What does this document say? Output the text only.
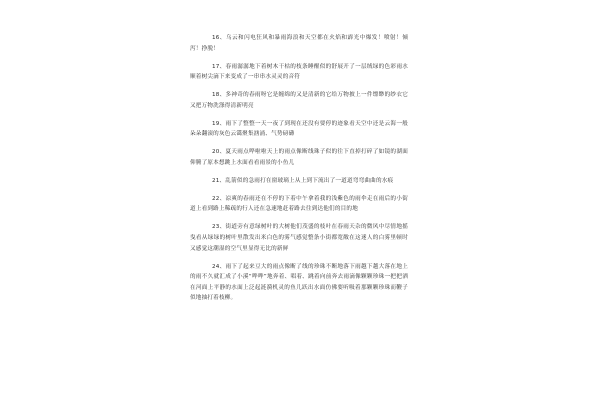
16、乌云和闪电狂风和暴雨海浪和天空都在火焰和霹光中爆发！喷射！倾泻！挣脱！

17、春雨潺潺地下着树木干枯的枝条睡醒似的舒展开了一层绒绿的色彩雨水顺着树尖滴下来变成了一串串水灵灵的音符

18、多神奇的春雨呀它是缠绵的又是清新的它给万物披上一件缥缈的纱衣它又把万物洗涤得清新明亮

19、雨下了整整一天一夜了到现在还没有要停的迹象看天空中还是云海一般朵朵翻滚的灰色云霭聚集汹涌、气势磅礴

20、夏天雨点哗啦啦天上的雨点像断线珠子似的往下直掉打碎了如镜的湖面仰腾了原本想跳上水面看看雨景的小鱼儿

21、乱箭似的急雨打在窗玻璃上从上到下流出了一道道弯弯曲曲的水痕

22、凉爽的春雨还在不停的下着中午拿着我的浅紫色的雨伞走在雨后的小街道上看到路上稀疏的行人还在急速地赶着路去往到达他们的目的地

23、街道旁有意绿树叶的大树他们茂盛的枝叶在春雨天杂的微风中尽情地摇曳看从绿绿的树叶里散发出米白色的雾气感觉整条小街都宽敞在这迷人的白雾里顿时又感觉这潮湿的空气里显得无比的新鲜

24、雨下了起来豆大的雨点像断了线的珍珠不断地落下雨越下越大落在地上的雨不久就汇成了小溪“哗哗”地奔着、唱着、跳着向前奔去雨滴像颗颗珍珠一把把洒在河面上平静的水面上泛起涟漪机灵的鱼儿跃出水面仿佛要听吸着那颗颗珍珠而鞭子似地抽打着枝柳。
